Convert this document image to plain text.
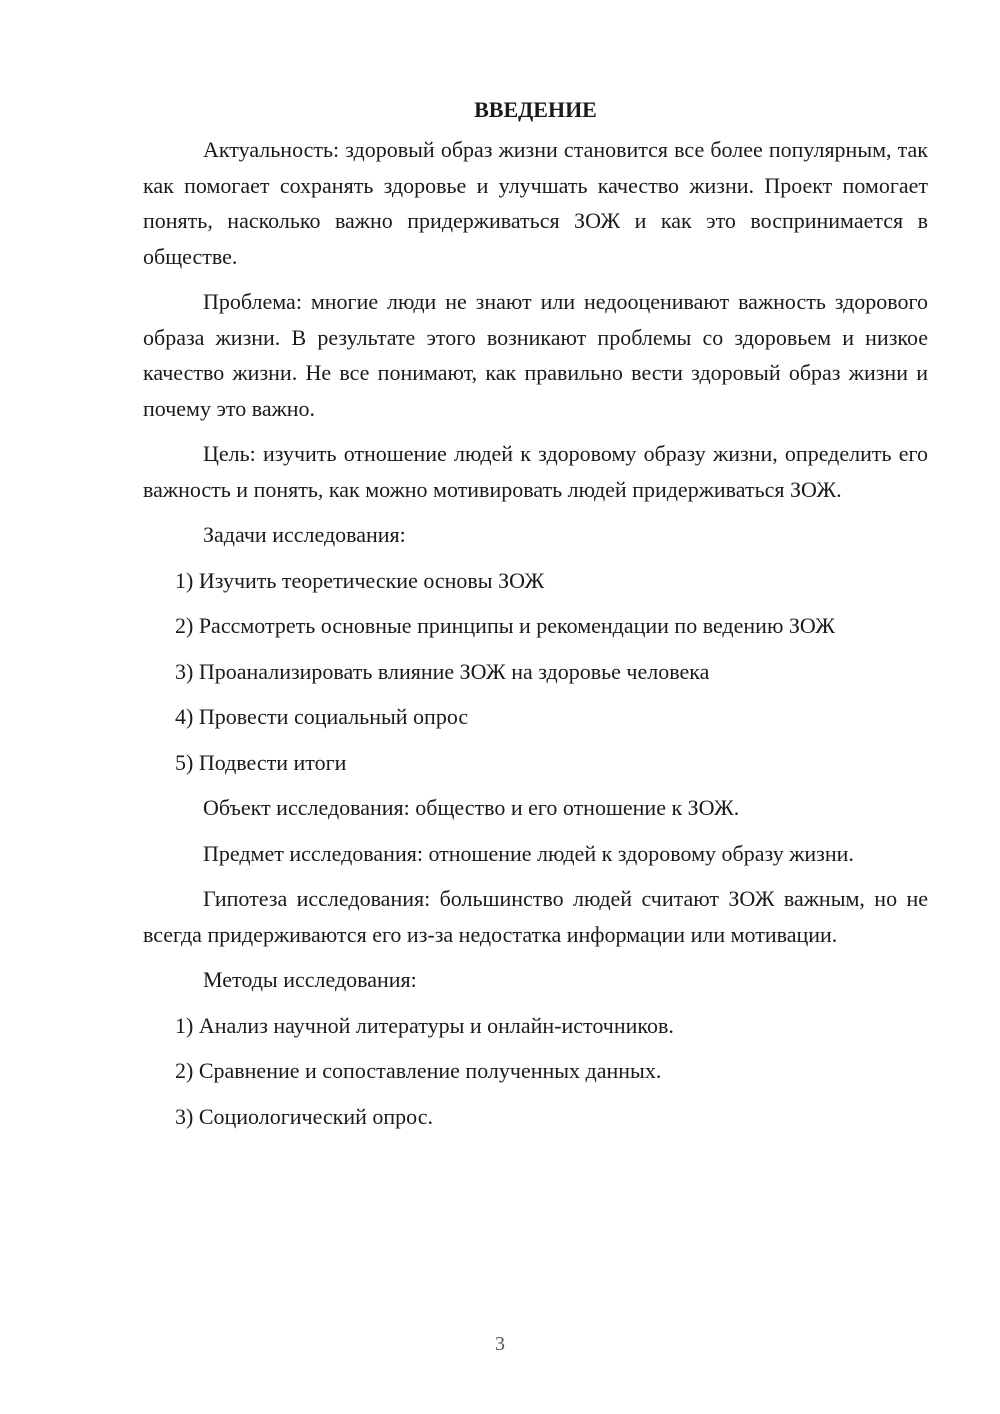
ВВЕДЕНИЕ

Актуальность: здоровый образ жизни становится все более популярным, так как помогает сохранять здоровье и улучшать качество жизни. Проект помогает понять, насколько важно придерживаться ЗОЖ и как это воспринимается в обществе.

Проблема: многие люди не знают или недооценивают важность здорового образа жизни. В результате этого возникают проблемы со здоровьем и низкое качество жизни. Не все понимают, как правильно вести здоровый образ жизни и почему это важно.

Цель: изучить отношение людей к здоровому образу жизни, определить его важность и понять, как можно мотивировать людей придерживаться ЗОЖ.

Задачи исследования:

1) Изучить теоретические основы ЗОЖ
2) Рассмотреть основные принципы и рекомендации по ведению ЗОЖ
3) Проанализировать влияние ЗОЖ на здоровье человека
4) Провести социальный опрос
5) Подвести итоги

Объект исследования: общество и его отношение к ЗОЖ.

Предмет исследования: отношение людей к здоровому образу жизни.

Гипотеза исследования: большинство людей считают ЗОЖ важным, но не всегда придерживаются его из-за недостатка информации или мотивации.

Методы исследования:

1) Анализ научной литературы и онлайн-источников.
2) Сравнение и сопоставление полученных данных.
3) Социологический опрос.
3
